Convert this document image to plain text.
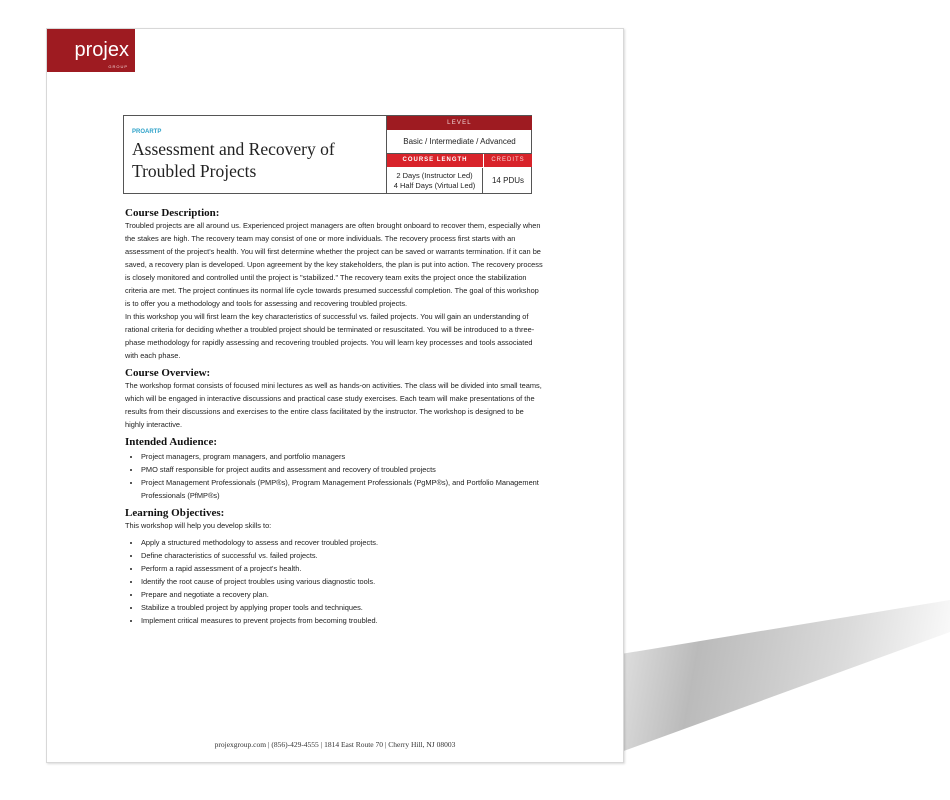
projex
GROUP
PROARTP
Assessment and Recovery of Troubled Projects
LEVEL
Basic / Intermediate / Advanced
COURSE LENGTH	CREDITS
2 Days (Instructor Led)
4 Half Days (Virtual Led)
14 PDUs
Course Description:

Troubled projects are all around us. Experienced project managers are often brought onboard to recover them, especially when the stakes are high. The recovery team may consist of one or more individuals. The recovery process first starts with an assessment of the project's health. You will first determine whether the project can be saved or warrants termination. If it can be saved, a recovery plan is developed. Upon agreement by the key stakeholders, the plan is put into action. The recovery process is closely monitored and controlled until the project is "stabilized." The recovery team exits the project once the stabilization criteria are met. The project continues its normal life cycle towards presumed successful completion. The goal of this workshop is to offer you a methodology and tools for assessing and recovering troubled projects.

In this workshop you will first learn the key characteristics of successful vs. failed projects. You will gain an understanding of rational criteria for deciding whether a troubled project should be terminated or resuscitated. You will be introduced to a three-phase methodology for rapidly assessing and recovering troubled projects. You will learn key processes and tools associated with each phase.

Course Overview:

The workshop format consists of focused mini lectures as well as hands-on activities. The class will be divided into small teams, which will be engaged in interactive discussions and practical case study exercises. Each team will make presentations of the results from their discussions and exercises to the entire class facilitated by the instructor. The workshop is designed to be highly interactive.

Intended Audience:
• Project managers, program managers, and portfolio managers
• PMO staff responsible for project audits and assessment and recovery of troubled projects
• Project Management Professionals (PMP®s), Program Management Professionals (PgMP®s), and Portfolio Management Professionals (PfMP®s)
Learning Objectives:

This workshop will help you develop skills to:

• Apply a structured methodology to assess and recover troubled projects.
• Define characteristics of successful vs. failed projects.
• Perform a rapid assessment of a project's health.
• Identify the root cause of project troubles using various diagnostic tools.
• Prepare and negotiate a recovery plan.
• Stabilize a troubled project by applying proper tools and techniques.
• Implement critical measures to prevent projects from becoming troubled.
projexgroup.com | (856)-429-4555 | 1814 East Route 70 | Cherry Hill, NJ 08003
